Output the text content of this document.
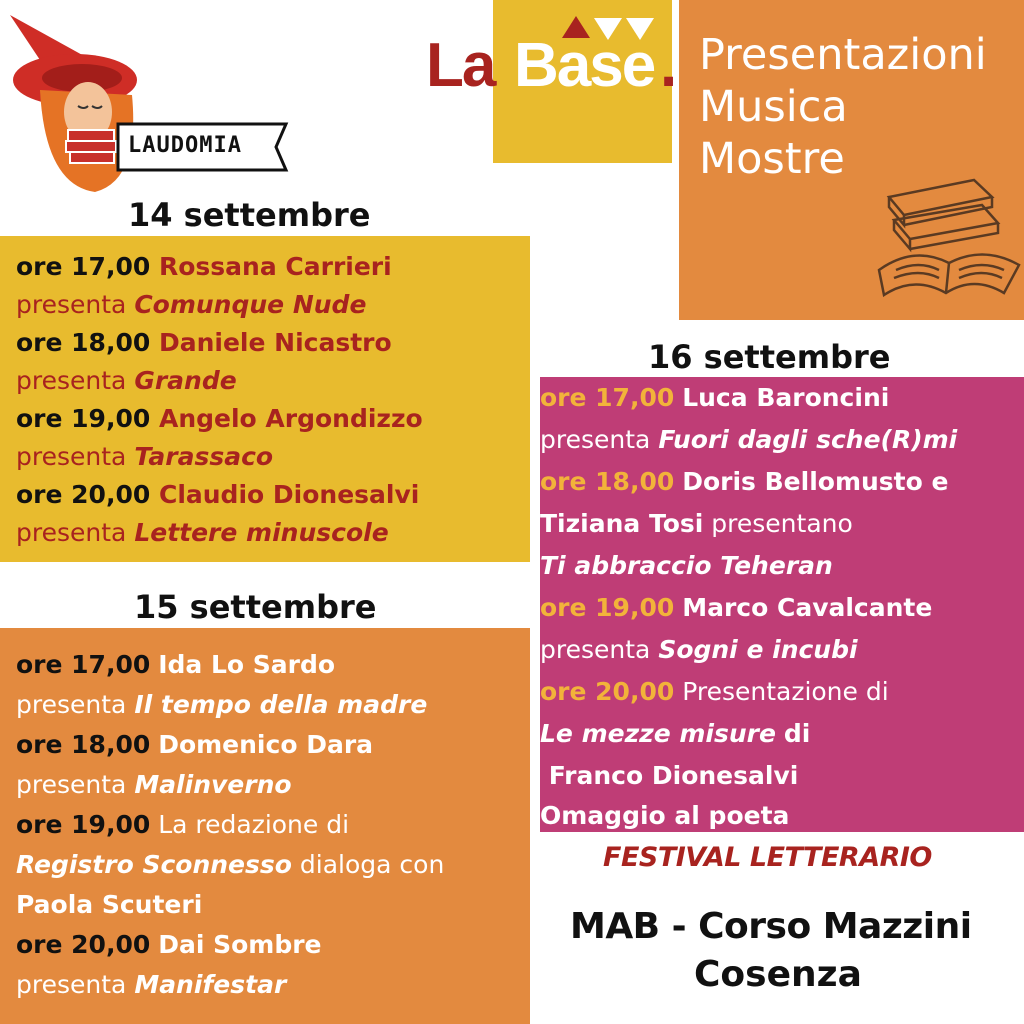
LAUDOMIA
La Base . Presentazioni
Musica
Mostre
14 settembre
ore 17,00 Rossana Carrieri
presenta Comunque Nude
ore 18,00 Daniele Nicastro
presenta Grande
ore 19,00 Angelo Argondizzo
presenta Tarassaco
ore 20,00 Claudio Dionesalvi
presenta Lettere minuscole
15 settembre
ore 17,00 Ida Lo Sardo
presenta Il tempo della madre
ore 18,00 Domenico Dara
presenta Malinverno
ore 19,00 La redazione di
Registro Sconnesso dialoga con
Paola Scuteri
ore 20,00 Dai Sombre
presenta Manifestar
16 settembre
ore 17,00 Luca Baroncini
presenta Fuori dagli sche(R)mi
ore 18,00 Doris Bellomusto e
Tiziana Tosi presentano
Ti abbraccio Teheran
ore 19,00 Marco Cavalcante
presenta Sogni e incubi
ore 20,00 Presentazione di
Le mezze misure di
Franco Dionesalvi
Omaggio al poeta
FESTIVAL LETTERARIO
MAB - Corso Mazzini
Cosenza
